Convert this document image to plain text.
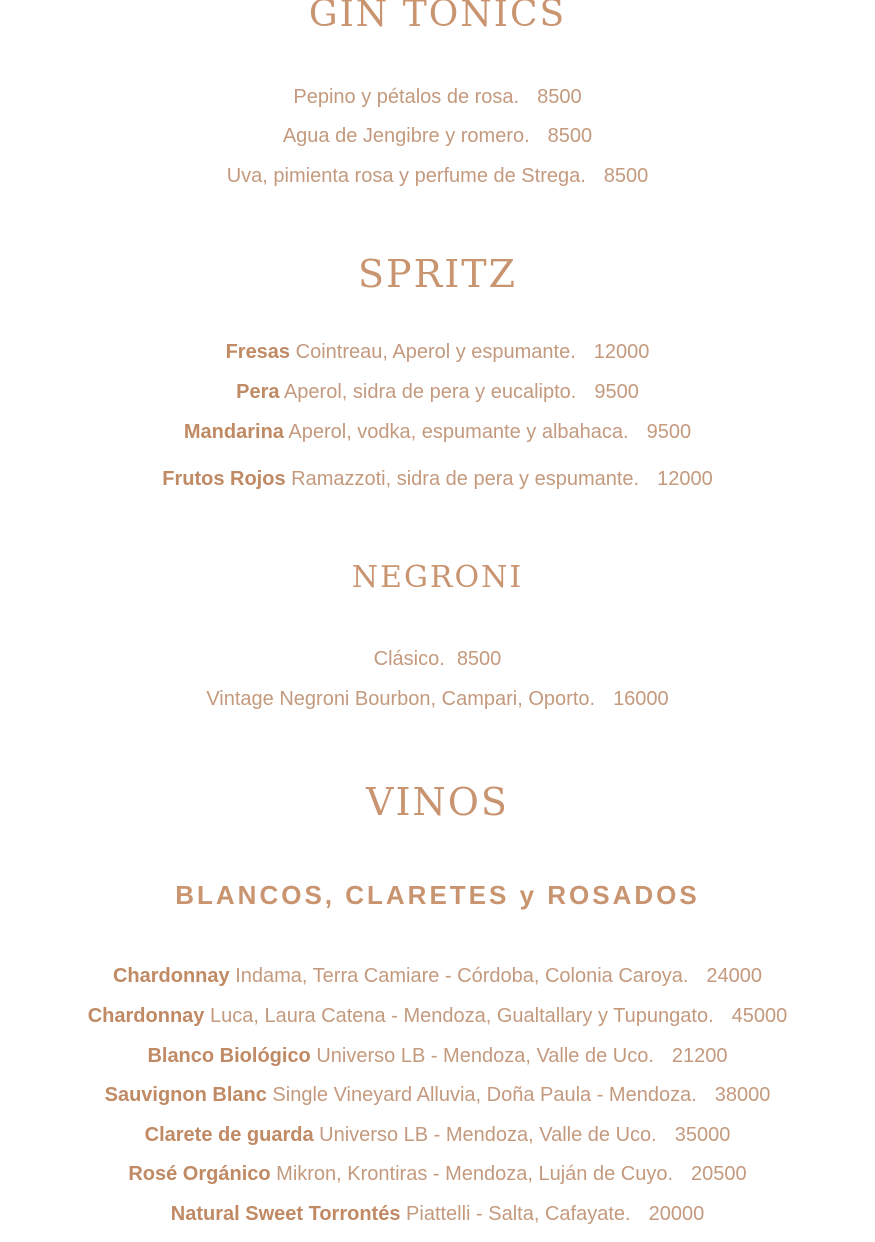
GIN TONICS
Pepino y pétalos de rosa. 8500
Agua de Jengibre y romero. 8500
Uva, pimienta rosa y perfume de Strega. 8500
SPRITZ
Fresas Cointreau, Aperol y espumante. 12000
Pera Aperol, sidra de pera y eucalipto. 9500
Mandarina Aperol, vodka, espumante y albahaca. 9500
Frutos Rojos Ramazzoti, sidra de pera y espumante. 12000
NEGRONI
Clásico. 8500
Vintage Negroni Bourbon, Campari, Oporto. 16000
VINOS
BLANCOS, CLARETES y ROSADOS
Chardonnay Indama, Terra Camiare - Córdoba, Colonia Caroya. 24000
Chardonnay Luca, Laura Catena - Mendoza, Gualtallary y Tupungato. 45000
Blanco Biológico Universo LB - Mendoza, Valle de Uco. 21200
Sauvignon Blanc Single Vineyard Alluvia, Doña Paula - Mendoza. 38000
Clarete de guarda Universo LB - Mendoza, Valle de Uco. 35000
Rosé Orgánico Mikron, Krontiras - Mendoza, Luján de Cuyo. 20500
Natural Sweet Torrontés Piattelli - Salta, Cafayate. 20000
